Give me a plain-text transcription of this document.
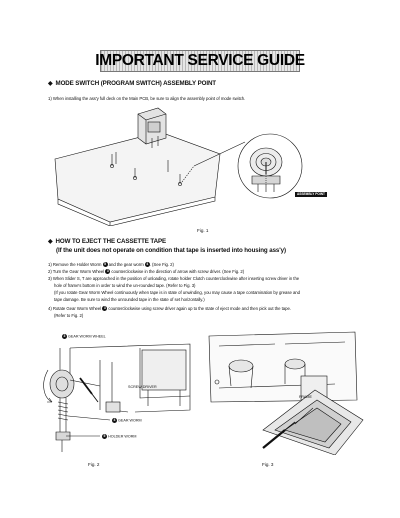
IMPORTANT SERVICE GUIDE
◆ MODE SWITCH (PROGRAM SWITCH) ASSEMBLY POINT
1) When installing the ass'y full deck on the Main PCB, be sure to align the assembly point of mode switch.
ASSEMBLY POINT
Fig. 1
◆ HOW TO EJECT THE CASSETTE TAPE
(If the unit does not operate on condition that tape is inserted into housing ass'y)
1) Remove the Holder Worm 5 and the gear worm 4 . (See Fig. 2)
2) Turn the Gear Worm Wheel 3 counterclockwise in the direction of arrow with screw driver. (See Fig. 2)
3) When Slider S, T are approached in the position of unloading, rotate holder Clutch counterclockwise after inserting screw driver in the
hole of frame's bottom in order to wind the un-rounded tape. (Refer to Fig. 3)
(If you rotate Gear Worm Wheel continuously when tape is in state of unwinding, you may cause a tape contamination by grease and
tape damage. Be sure to wind the unrounded tape in the state of set horizontally.)
4) Rotate Gear Worm Wheel 3 counterclockwise using screw driver again up to the state of eject mode and then pick out the tape.
(Refer to Fig. 2)
3 GEAR WORM WHEEL
SCREW DRIVER
4 GEAR WORM
5 HOLDER WORM
Fig. 2
FRAME
Fig. 3
